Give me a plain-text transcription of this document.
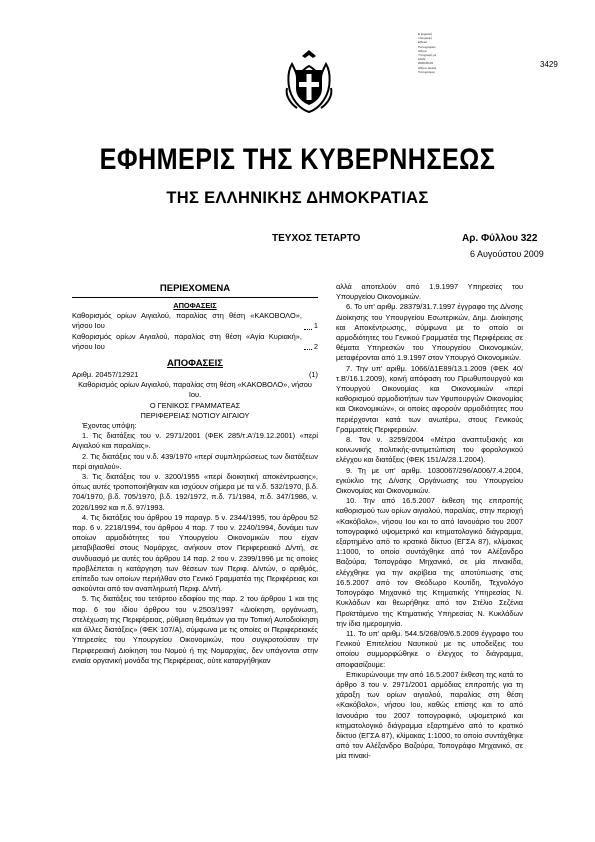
Ε ψηφιακή
υπογραφή
Εθνικό
Τυπογραφείο
Αθηνα
Υπογραφή με
κλειδί
2009.08.06
Αθήνα, Ελλάς
Τυπογράφος
3429
ΕΦΗΜΕΡΙΣ ΤΗΣ ΚΥΒΕΡΝΗΣΕΩΣ
ΤΗΣ ΕΛΛΗΝΙΚΗΣ ΔΗΜΟΚΡΑΤΙΑΣ
ΤΕΥΧΟΣ ΤΕΤΑΡΤΟ	Αρ. Φύλλου 322
6 Αυγούστου 2009
ΠΕΡΙΕΧΟΜΕΝΑ
ΑΠΟΦΑΣΕΙΣ
Καθορισμός ορίων Αιγιαλού, παραλίας στη θέση «ΚΑΚΟΒΟΛΟ», νήσου Ιου	1
Καθορισμός ορίων Αιγιαλού, παραλίας στη θέση «Αγία Κυριακή», νήσου Ιου	2
ΑΠΟΦΑΣΕΙΣ
Αριθμ. 20457/12921	(1)
Καθορισμός ορίων Αιγιαλού, παραλίας στη θέση «ΚΑΚΟΒΟΛΟ», νήσου Ιου.
Ο ΓΕΝΙΚΟΣ ΓΡΑΜΜΑΤΕΑΣ
ΠΕΡΙΦΕΡΕΙΑΣ ΝΟΤΙΟΥ ΑΙΓΑΙΟΥ
Έχοντας υπόψη:

1. Τις διατάξεις του ν. 2971/2001 (ΦΕΚ 285/τ.Α'/19.12.2001) «περί Αιγιαλού και παραλίας».

2. Τις διατάξεις του ν.δ. 439/1970 «περί συμπληρώσεως των διατάξεων περί αιγιαλού».

3. Τις διατάξεις του ν. 3200/1955 «περί διοικητική αποκέντρωσης», όπως αυτές τροποποιήθηκαν και ισχύουν σήμερα με τα ν.δ. 532/1970, β.δ. 704/1970, β.δ. 705/1970, β.δ. 192/1972, π.δ. 71/1984, π.δ. 347/1986, ν. 2026/1992 και π.δ. 97/1993.

4. Τις διατάξεις του άρθρου 19 παραγρ. 5 ν. 2344/1995, του άρθρου 52 παρ. 6 ν. 2218/1994, του άρθρου 4 παρ. 7 του ν. 2240/1994, δυνάμει των οποίων αρμοδιότητες του Υπουργείου Οικονομικών που είχαν μεταβιβασθεί στους Νομάρχες, ανήκουν στον Περιφερειακό Δ/ντή, σε συνδυασμό με αυτές του άρθρου 14 παρ. 2 του ν. 2399/1996 με τις οποίες προβλέπεται η κατάργηση των θέσεων των Περιφ. Δ/ντών, ο αριθμός, επίπεδο των οποίων περιήλθαν στο Γενικό Γραμματέα της Περιφέρειας και ασκούνται από τον αναπληρωτή Περιφ. Δ/ντή.

5. Τις διατάξεις του τετάρτου εδαφίου της παρ. 2 του άρθρου 1 και της παρ. 6 του ιδίου άρθρου του ν.2503/1997 «Διοίκηση, οργάνωση, στελέχωση της Περιφέρειας, ρύθμιση θεμάτων για την Τοπική Αυτοδιοίκηση και άλλες διατάξεις» (ΦΕΚ 107/Α), σύμφωνα με τις οποίες οι Περιφερειακές Υπηρεσίες του Υπουργείου Οικονομικών, που συγκροτούσαν την Περιφερειακή Διοίκηση του Νομού ή της Νομαρχίας, δεν υπάγονται στην ενιαία οργανική μονάδα της Περιφέρειας, ούτε καταργήθηκαν

αλλά αποτελούν από 1.9.1997 Υπηρεσίες του Υπουργείου Οικονομικών.

6. Το υπ' αριθμ. 28379/31.7.1997 έγγραφο της Δ/νσης Διοίκησης του Υπουργείου Εσωτερικών, Δημ. Διοίκησης και Αποκέντρωσης, σύμφωνα με το οποίο οι αρμοδιότητες του Γενικού Γραμματέα της Περιφέρειας σε θέματα Υπηρεσιών του Υπουργείου Οικονομικών, μεταφέρονται από 1.9.1997 στον Υπουργό Οικονομικών.

7. Την υπ' αριθμ. 1066/Δ1Ε89/13.1.2009 (ΦΕΚ 40/τ.Β'/16.1.2009), κοινή απόφαση του Πρωθυπουργού και Υπουργού Οικονομίας και Οικονομικών «περί καθορισμού αρμοδιοτήτων των Υφυπουργών Οικονομίας και Οικονομικών», οι οποίες αφορούν αρμοδιότητες που περιέρχονται κατά των ανωτέρω, στους Γενικούς Γραμματείς Περιφερειών.

8. Τον ν. 3259/2004 «Μέτρα αναπτυξιακής και κοινωνικής πολιτικής-αντιμετώπιση του φορολογικού ελέγχου και διατάξεις (ΦΕΚ 151/Α/28.1.2004).

9. Τη με υπ' αριθμ. 1030067/296/Α006/7.4.2004, εγκύκλιο της Δ/νσης Οργάνωσης του Υπουργείου Οικονομίας και Οικονομικών.

10. Την από 16.5.2007 έκθεση της επιτροπής καθορισμού των ορίων αιγιαλού, παραλίας, στην περιοχή «Κακόβολο», νήσου Ιου και το από Ιανουάριο του 2007 τοπογραφικό υψομετρικό και κτηματολογικό διάγραμμα, εξαρτημένο από το κρατικό δίκτυο (ΕΓΣΑ 87), κλίμακας 1:1000, το οποίο συντάχθηκε από τον Αλέξανδρο Βαζούρα, Τοπογράφο Μηχανικό, σε μία πινακίδα, ελέγχθηκε για την ακρίβεια της αποτύπωσης στις 16.5.2007 από τον Θεόδωρο Κουτίδη, Τεχνολόγο Τοπογράφο Μηχανικό της Κτηματικής Υπηρεσίας Ν. Κυκλάδων και θεωρήθηκε από τον Στέλιο Σεζένια Προϊστάμενο της Κτηματικής Υπηρεσίας Ν. Κυκλάδων την ίδια ημερομηνία.

11. Το υπ' αριθμ. 544.5/268/09/6.5.2009 έγγραφο του Γενικού Επιτελείου Ναυτικού με τις υποδείξεις του οποίου συμμορφώθηκε ο έλεγχος το διάγραμμα, αποφασίζουμε:

Επικυρώνουμε την από 16.5.2007 έκθεση της κατά το άρθρο 3 του ν. 2971/2001 αρμόδιας επιτροπής για τη χάραξη των ορίων αιγιαλού, παραλίας στη θέση «Κακόβολο», νήσου Ιου, καθώς επίσης και το από Ιανουάριο του 2007 τοπογραφικό, υψομετρικό και κτηματολογικό διάγραμμα εξαρτημένο από το κρατικό δίκτυο (ΕΓΣΑ 87), κλίμακας 1:1000, το οποίο συντάχθηκε από τον Αλέξανδρο Βαζούρα, Τοπογράφο Μηχανικό, σε μία πινακί-
